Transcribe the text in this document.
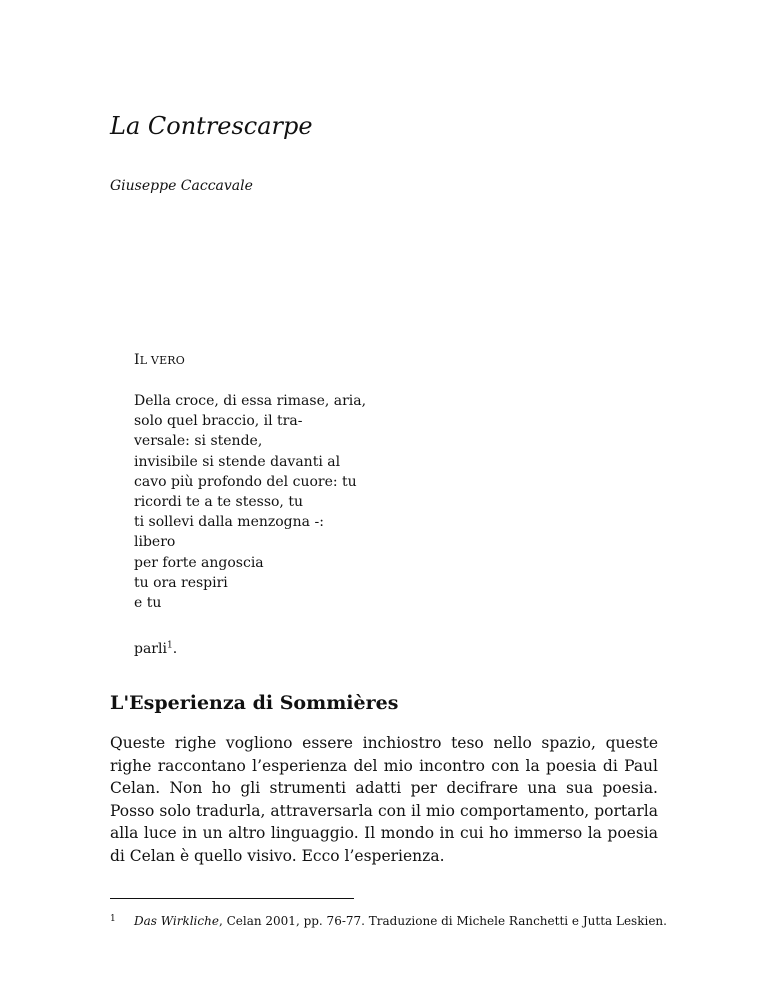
La Contrescarpe

Giuseppe Caccavale

IL VERO

Della croce, di essa rimase, aria,
solo quel braccio, il tra-
versale: si stende,
invisibile si stende davanti al
cavo più profondo del cuore: tu
ricordi te a te stesso, tu
ti sollevi dalla menzogna -:
libero
per forte angoscia
tu ora respiri
e tu

parli$^1$.

L'Esperienza di Sommières

Queste righe vogliono essere inchiostro teso nello spazio, queste righe raccontano l’esperienza del mio incontro con la poesia di Paul Celan. Non ho gli strumenti adatti per decifrare una sua poesia. Posso solo tradurla, attraversarla con il mio comportamento, portarla alla luce in un altro linguaggio. Il mondo in cui ho immerso la poesia di Celan è quello visivo. Ecco l’esperienza.

1 Das Wirkliche, Celan 2001, pp. 76-77. Traduzione di Michele Ranchetti e Jutta Leskien.
